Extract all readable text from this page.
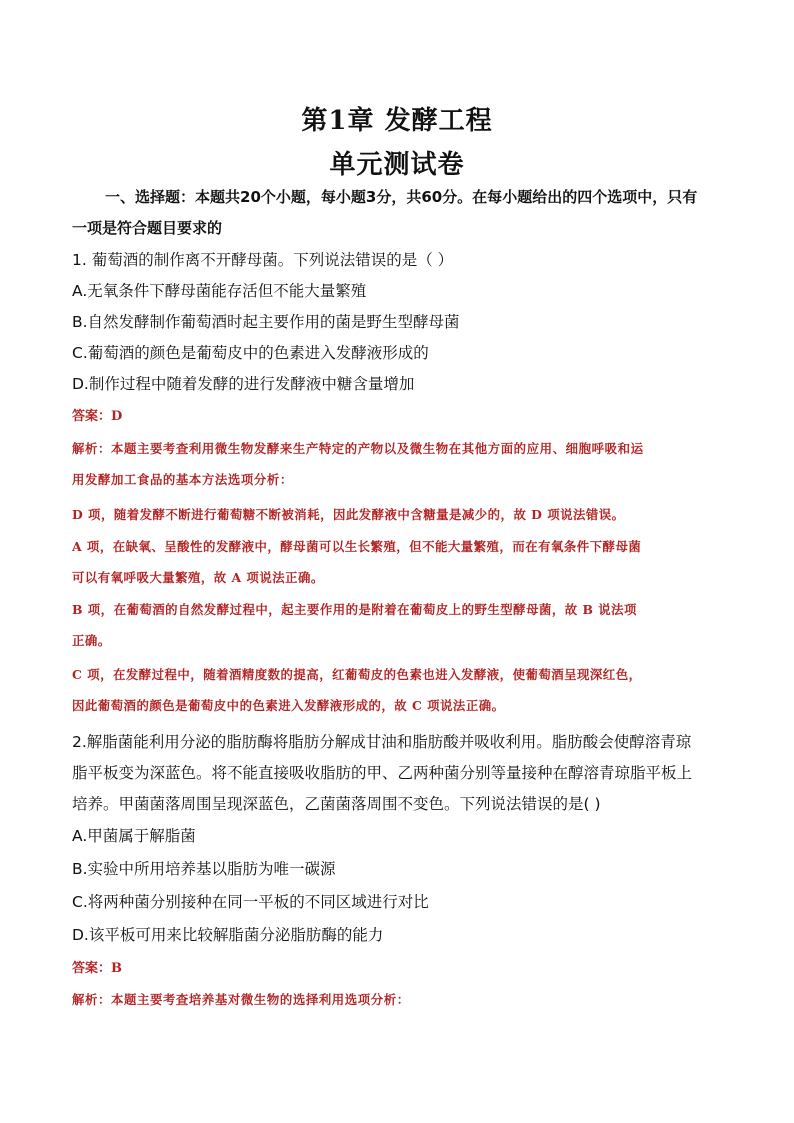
第1章 发酵工程
单元测试卷
一、选择题：本题共20个小题，每小题3分，共60分。在每小题给出的四个选项中，只有
一项是符合题目要求的
1. 葡萄酒的制作离不开酵母菌。下列说法错误的是（ ）
A.无氧条件下酵母菌能存活但不能大量繁殖
B.自然发酵制作葡萄酒时起主要作用的菌是野生型酵母菌
C.葡萄酒的颜色是葡萄皮中的色素进入发酵液形成的
D.制作过程中随着发酵的进行发酵液中糖含量增加
答案：D
解析：本题主要考查利用微生物发酵来生产特定的产物以及微生物在其他方面的应用、细胞呼吸和运
用发酵加工食品的基本方法选项分析：
D 项，随着发酵不断进行葡萄糖不断被消耗，因此发酵液中含糖量是减少的，故 D 项说法错误。
A 项，在缺氧、呈酸性的发酵液中，酵母菌可以生长繁殖，但不能大量繁殖，而在有氧条件下酵母菌
可以有氧呼吸大量繁殖，故 A 项说法正确。
B 项，在葡萄酒的自然发酵过程中，起主要作用的是附着在葡萄皮上的野生型酵母菌，故 B 说法项
正确。
C 项，在发酵过程中，随着酒精度数的提高，红葡萄皮的色素也进入发酵液，使葡萄酒呈现深红色，
因此葡萄酒的颜色是葡萄皮中的色素进入发酵液形成的，故 C 项说法正确。
2.解脂菌能利用分泌的脂肪酶将脂肪分解成甘油和脂肪酸并吸收利用。脂肪酸会使醇溶青琼
脂平板变为深蓝色。将不能直接吸收脂肪的甲、乙两种菌分别等量接种在醇溶青琼脂平板上
培养。甲菌菌落周围呈现深蓝色，乙菌菌落周围不变色。下列说法错误的是( )
A.甲菌属于解脂菌
B.实验中所用培养基以脂肪为唯一碳源
C.将两种菌分别接种在同一平板的不同区域进行对比
D.该平板可用来比较解脂菌分泌脂肪酶的能力
答案：B
解析：本题主要考查培养基对微生物的选择利用选项分析：
